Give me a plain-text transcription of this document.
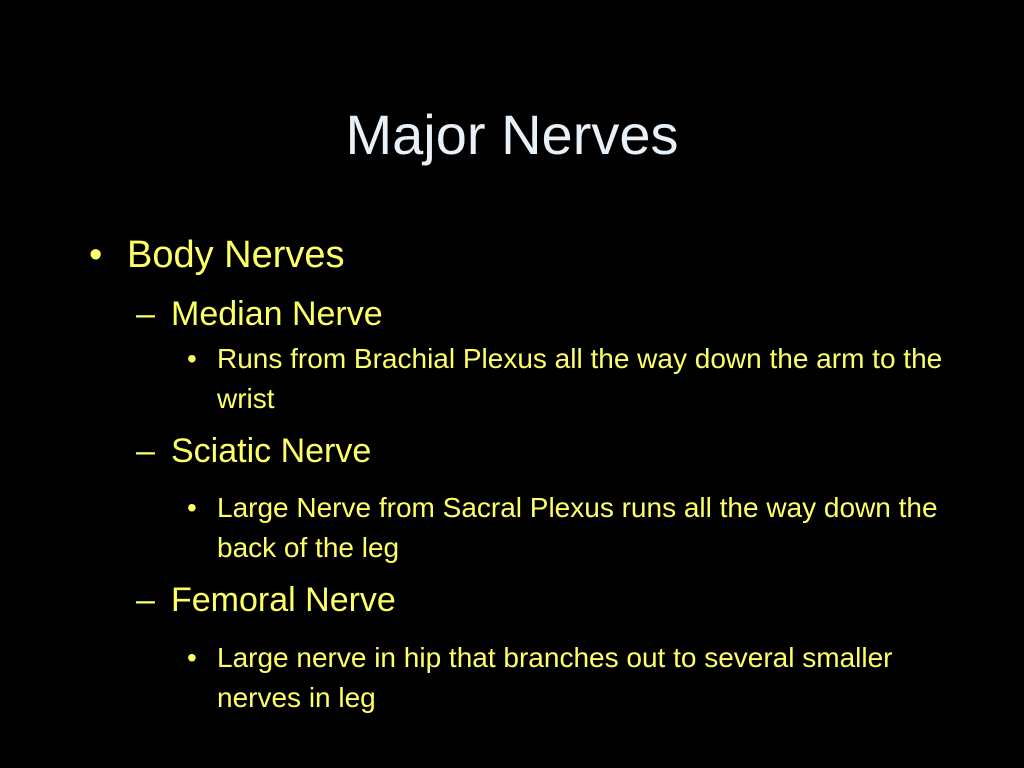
Major Nerves
• Body Nerves
– Median Nerve
• Runs from Brachial Plexus all the way down the arm to the wrist
– Sciatic Nerve
• Large Nerve from Sacral Plexus runs all the way down the back of the leg
– Femoral Nerve
• Large nerve in hip that branches out to several smaller nerves in leg
